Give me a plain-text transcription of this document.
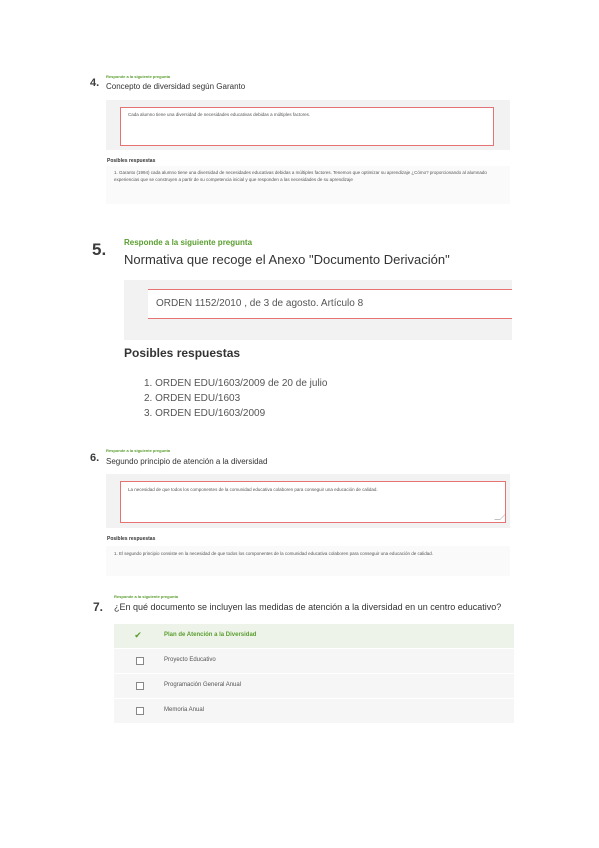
4.
Responde a la siguiente pregunta
Concepto de diversidad según Garanto
Cada alumno tiene una diversidad de necesidades educativas debidas a múltiples factores.
Posibles respuestas
1. Garanto (1994) cada alumno tiene una diversidad de necesidades educativas debidas a múltiples factores. Tenemos que optimizar su aprendizaje ¿Cómo? proporcionando al alumnado experiencias que se construyen a partir de su competencia inicial y que responden a las necesidades de su aprendizaje
5. Responde a la siguiente pregunta
Normativa que recoge el Anexo "Documento Derivación"
ORDEN 1152/2010 , de 3 de agosto. Artículo 8
Posibles respuestas
1. ORDEN EDU/1603/2009 de 20 de julio
2. ORDEN EDU/1603
3. ORDEN EDU/1603/2009
6.
Responde a la siguiente pregunta
Segundo principio de atención a la diversidad
La necesidad de que todos los componentes de la comunidad educativa colaboren para conseguir una educación de calidad.
Posibles respuestas
1. El segundo principio consiste en la necesidad de que todos los componentes de la comunidad educativa colaboren para conseguir una educación de calidad.
7.
Responde a la siguiente pregunta
¿En qué documento se incluyen las medidas de atención a la diversidad en un centro educativo?
✔	Plan de Atención a la Diversidad
Proyecto Educativo
Programación General Anual
Memoria Anual
